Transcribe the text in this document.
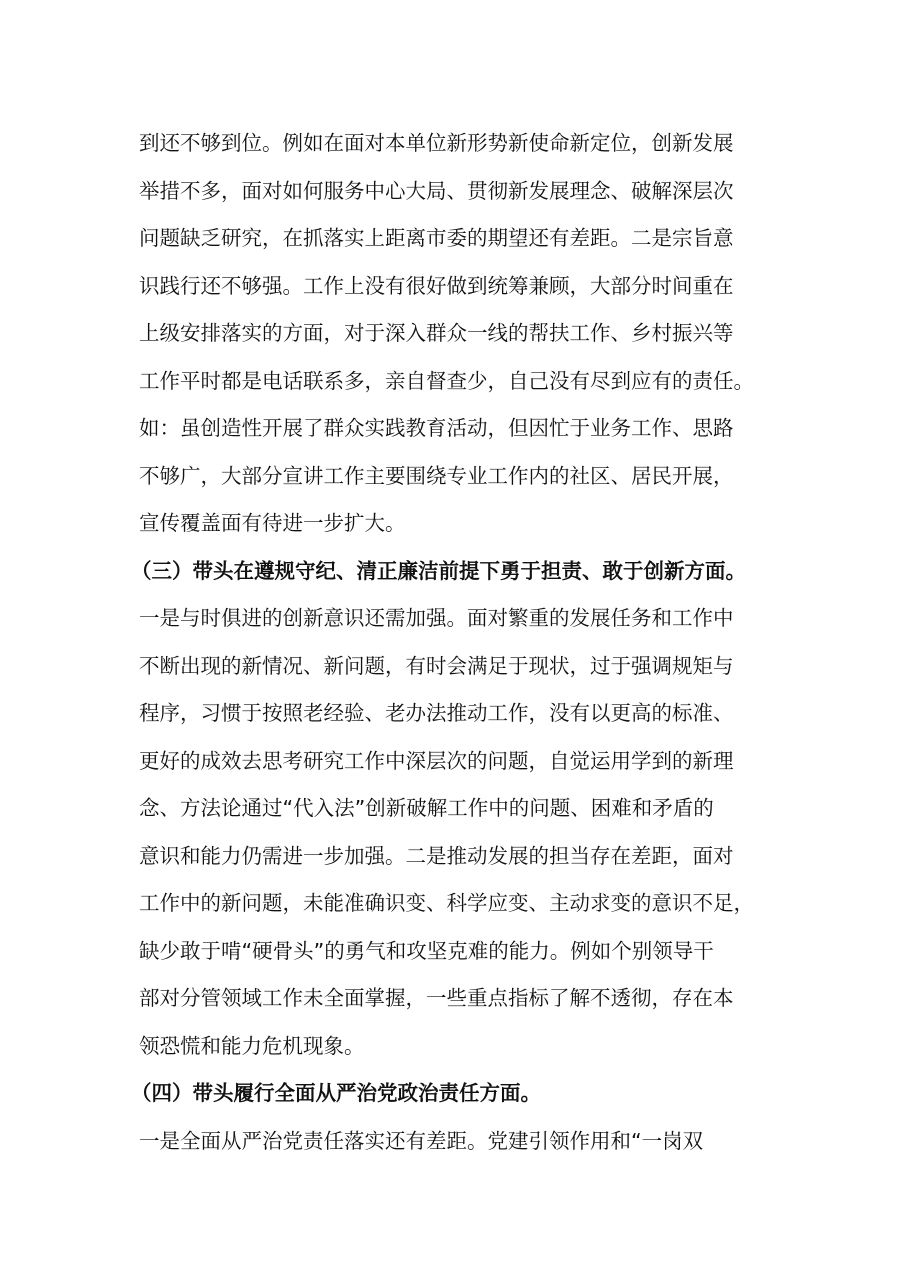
到还不够到位。例如在面对本单位新形势新使命新定位，创新发展
举措不多，面对如何服务中心大局、贯彻新发展理念、破解深层次
问题缺乏研究，在抓落实上距离市委的期望还有差距。二是宗旨意
识践行还不够强。工作上没有很好做到统筹兼顾，大部分时间重在
上级安排落实的方面，对于深入群众一线的帮扶工作、乡村振兴等
工作平时都是电话联系多，亲自督查少，自己没有尽到应有的责任。
如：虽创造性开展了群众实践教育活动，但因忙于业务工作、思路
不够广，大部分宣讲工作主要围绕专业工作内的社区、居民开展，
宣传覆盖面有待进一步扩大。
（三）带头在遵规守纪、清正廉洁前提下勇于担责、敢于创新方面。
一是与时俱进的创新意识还需加强。面对繁重的发展任务和工作中
不断出现的新情况、新问题，有时会满足于现状，过于强调规矩与
程序，习惯于按照老经验、老办法推动工作，没有以更高的标准、
更好的成效去思考研究工作中深层次的问题，自觉运用学到的新理
念、方法论通过“代入法”创新破解工作中的问题、困难和矛盾的
意识和能力仍需进一步加强。二是推动发展的担当存在差距，面对
工作中的新问题，未能准确识变、科学应变、主动求变的意识不足，
缺少敢于啃“硬骨头”的勇气和攻坚克难的能力。例如个别领导干
部对分管领域工作未全面掌握，一些重点指标了解不透彻，存在本
领恐慌和能力危机现象。
（四）带头履行全面从严治党政治责任方面。
一是全面从严治党责任落实还有差距。党建引领作用和“一岗双
